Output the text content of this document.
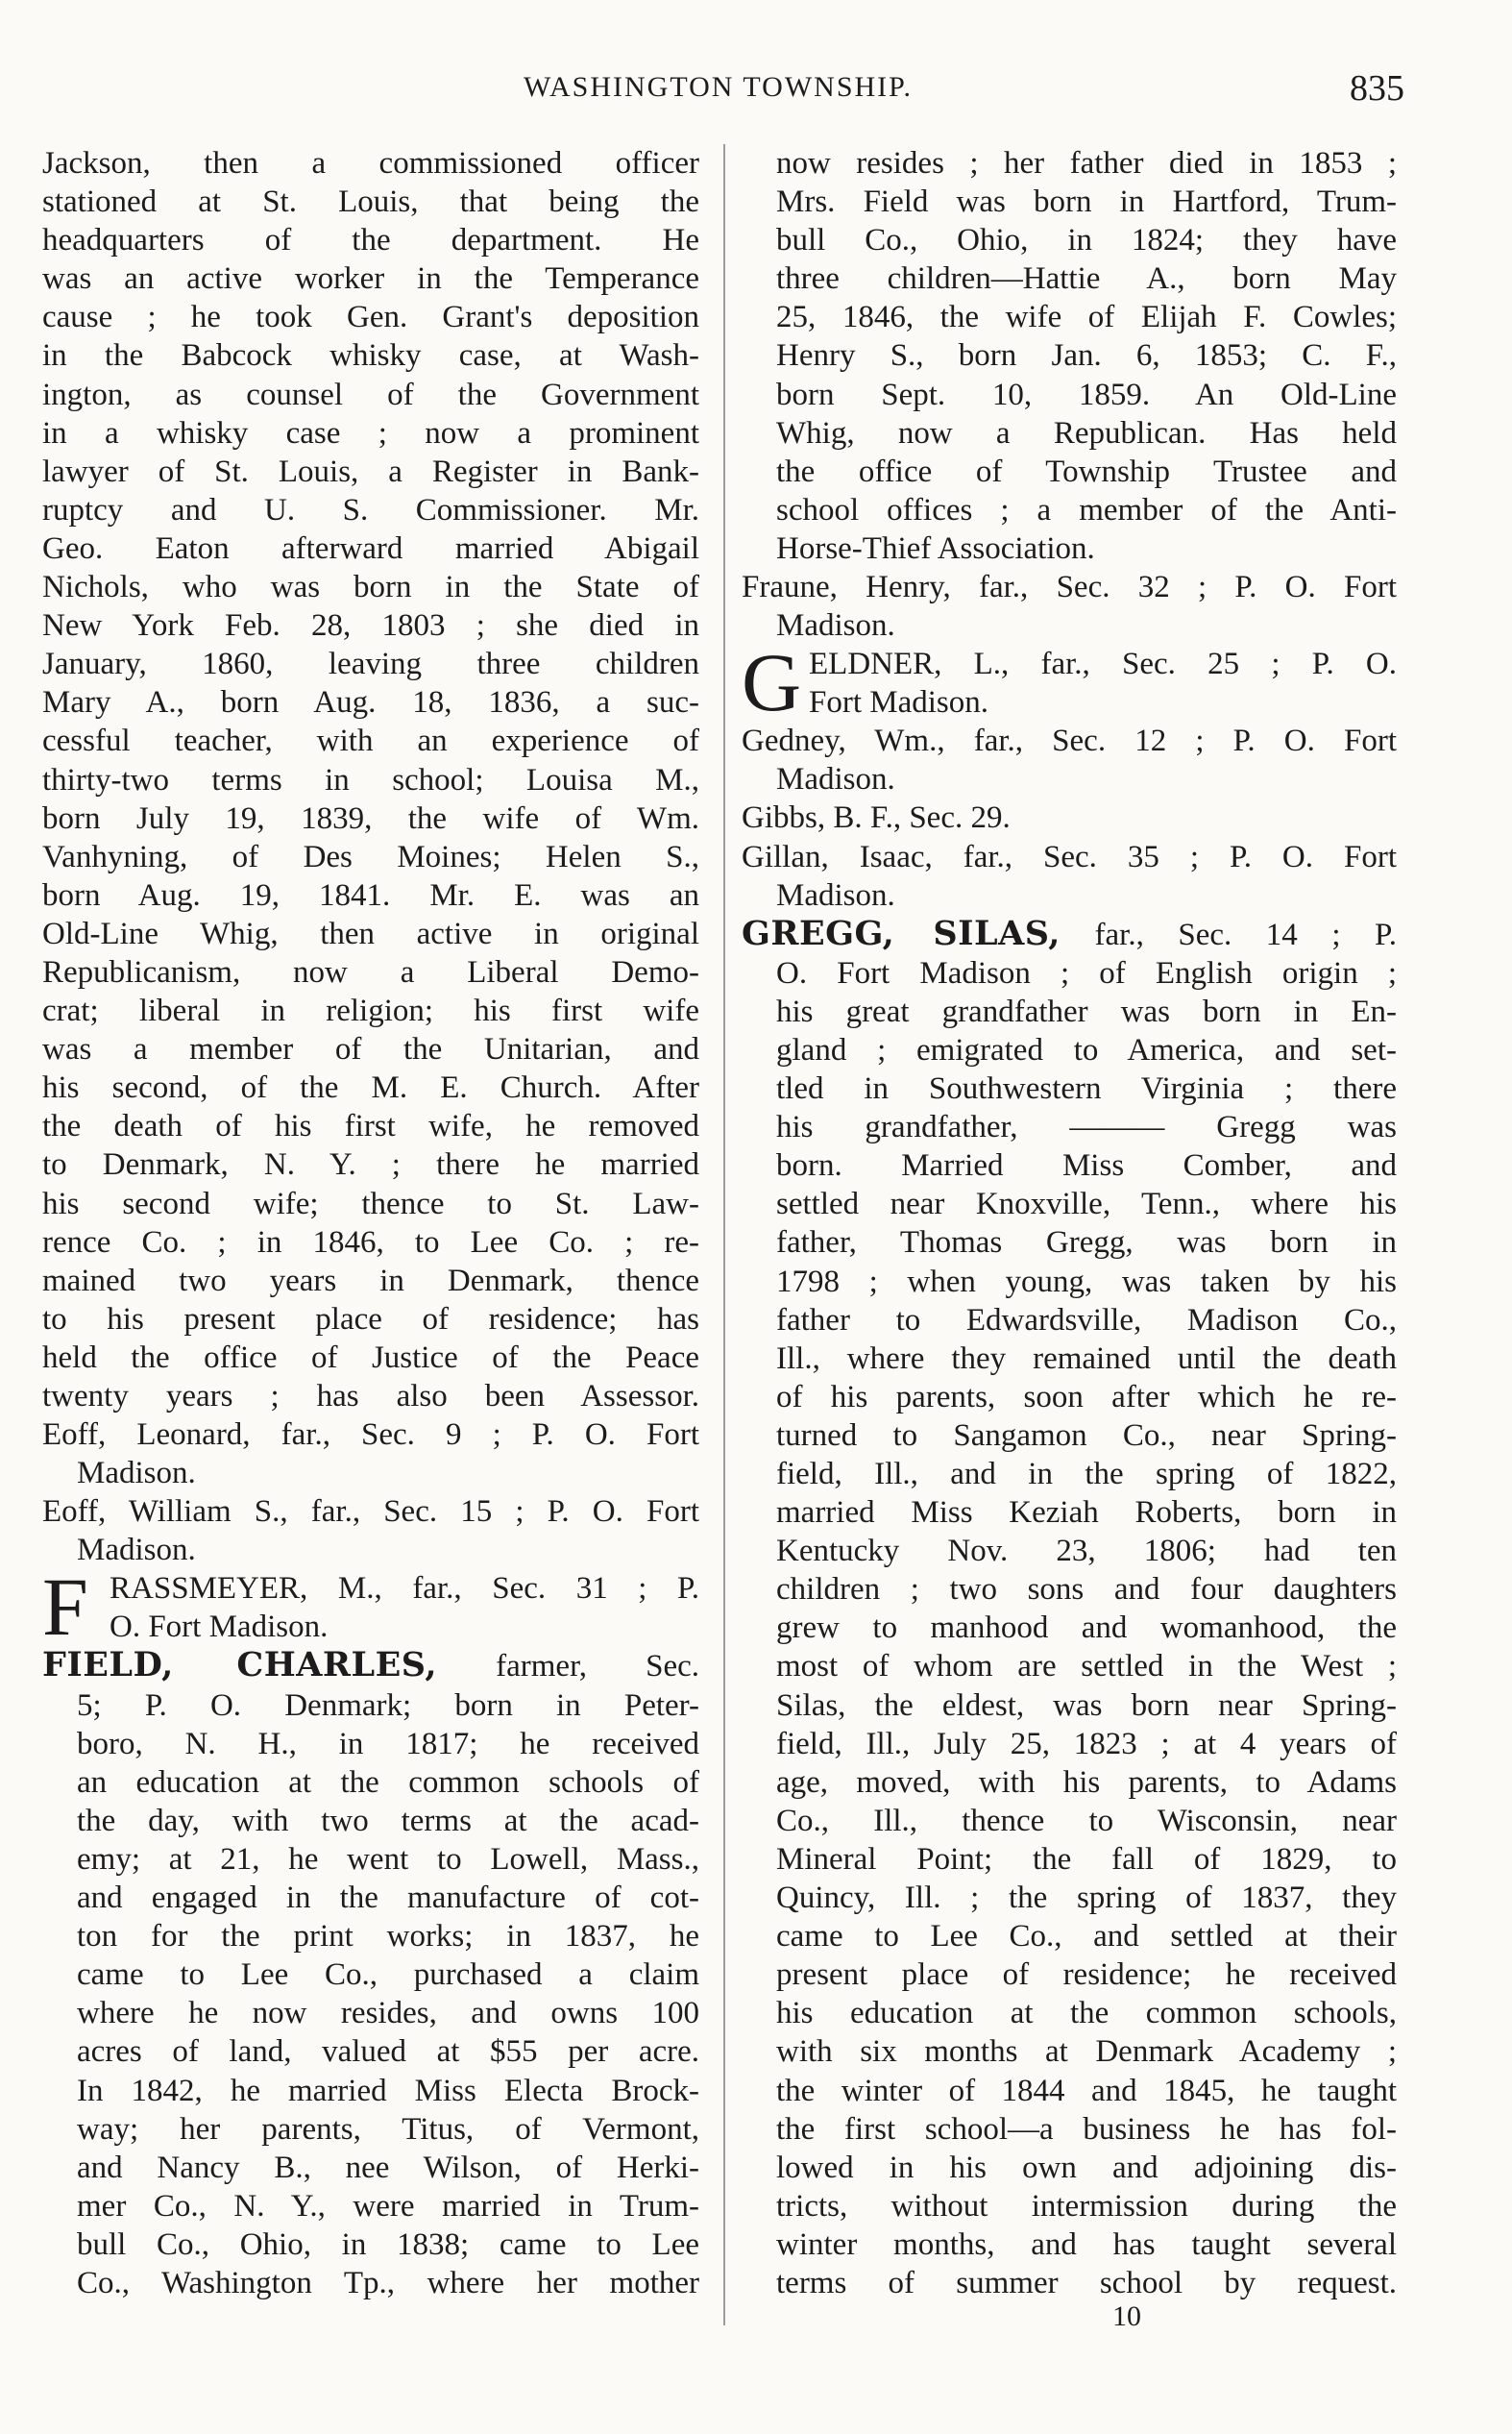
WASHINGTON TOWNSHIP.	835
Jackson, then a commissioned officer
stationed at St. Louis, that being the
headquarters of the department. He
was an active worker in the Temperance
cause ; he took Gen. Grant's deposition
in the Babcock whisky case, at Wash-
ington, as counsel of the Government
in a whisky case ; now a prominent
lawyer of St. Louis, a Register in Bank-
ruptcy and U. S. Commissioner. Mr.
Geo. Eaton afterward married Abigail
Nichols, who was born in the State of
New York Feb. 28, 1803 ; she died in
January, 1860, leaving three children
Mary A., born Aug. 18, 1836, a suc-
cessful teacher, with an experience of
thirty-two terms in school; Louisa M.,
born July 19, 1839, the wife of Wm.
Vanhyning, of Des Moines; Helen S.,
born Aug. 19, 1841. Mr. E. was an
Old-Line Whig, then active in original
Republicanism, now a Liberal Demo-
crat; liberal in religion; his first wife
was a member of the Unitarian, and
his second, of the M. E. Church. After
the death of his first wife, he removed
to Denmark, N. Y. ; there he married
his second wife; thence to St. Law-
rence Co. ; in 1846, to Lee Co. ; re-
mained two years in Denmark, thence
to his present place of residence; has
held the office of Justice of the Peace
twenty years ; has also been Assessor.
Eoff, Leonard, far., Sec. 9 ; P. O. Fort
Madison.
Eoff, William S., far., Sec. 15 ; P. O. Fort
Madison.
F RASSMEYER, M., far., Sec. 31 ; P.
O. Fort Madison.
FIELD, CHARLES, farmer, Sec.
5; P. O. Denmark; born in Peter-
boro, N. H., in 1817; he received
an education at the common schools of
the day, with two terms at the acad-
emy; at 21, he went to Lowell, Mass.,
and engaged in the manufacture of cot-
ton for the print works; in 1837, he
came to Lee Co., purchased a claim
where he now resides, and owns 100
acres of land, valued at $55 per acre.
In 1842, he married Miss Electa Brock-
way; her parents, Titus, of Vermont,
and Nancy B., nee Wilson, of Herki-
mer Co., N. Y., were married in Trum-
bull Co., Ohio, in 1838; came to Lee
Co., Washington Tp., where her mother
now resides ; her father died in 1853 ;
Mrs. Field was born in Hartford, Trum-
bull Co., Ohio, in 1824; they have
three children—Hattie A., born May
25, 1846, the wife of Elijah F. Cowles;
Henry S., born Jan. 6, 1853; C. F.,
born Sept. 10, 1859. An Old-Line
Whig, now a Republican. Has held
the office of Township Trustee and
school offices ; a member of the Anti-
Horse-Thief Association.
Fraune, Henry, far., Sec. 32 ; P. O. Fort
Madison.
G ELDNER, L., far., Sec. 25 ; P. O.
Fort Madison.
Gedney, Wm., far., Sec. 12 ; P. O. Fort
Madison.
Gibbs, B. F., Sec. 29.
Gillan, Isaac, far., Sec. 35 ; P. O. Fort
Madison.
GREGG, SILAS, far., Sec. 14 ; P.
O. Fort Madison ; of English origin ;
his great grandfather was born in En-
gland ; emigrated to America, and set-
tled in Southwestern Virginia ; there
his grandfather, ——— Gregg was
born. Married Miss Comber, and
settled near Knoxville, Tenn., where his
father, Thomas Gregg, was born in
1798 ; when young, was taken by his
father to Edwardsville, Madison Co.,
Ill., where they remained until the death
of his parents, soon after which he re-
turned to Sangamon Co., near Spring-
field, Ill., and in the spring of 1822,
married Miss Keziah Roberts, born in
Kentucky Nov. 23, 1806; had ten
children ; two sons and four daughters
grew to manhood and womanhood, the
most of whom are settled in the West ;
Silas, the eldest, was born near Spring-
field, Ill., July 25, 1823 ; at 4 years of
age, moved, with his parents, to Adams
Co., Ill., thence to Wisconsin, near
Mineral Point; the fall of 1829, to
Quincy, Ill. ; the spring of 1837, they
came to Lee Co., and settled at their
present place of residence; he received
his education at the common schools,
with six months at Denmark Academy ;
the winter of 1844 and 1845, he taught
the first school—a business he has fol-
lowed in his own and adjoining dis-
tricts, without intermission during the
winter months, and has taught several
terms of summer school by request.
10
